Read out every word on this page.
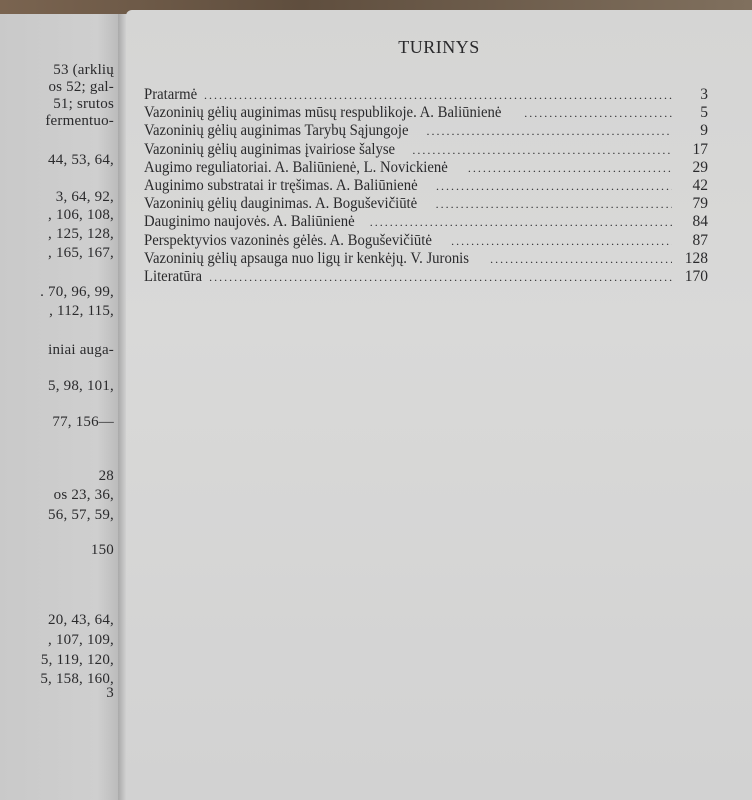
53 (arklių
os 52; gal-
51; srutos
fermentuo-
44, 53, 64,
3, 64, 92,
, 106, 108,
, 125, 128,
, 165, 167,
. 70, 96, 99,
, 112, 115,
iniai auga-
5, 98, 101,
77, 156—
28
os 23, 36,
56, 57, 59,
150
20, 43, 64,
, 107, 109,
5, 119, 120,
5, 158, 160,
3
TURINYS
Pratarmė .....	3
Vazoninių gėlių auginimas mūsų respublikoje. A. Baliūnienė .....	5
Vazoninių gėlių auginimas Tarybų Sąjungoje .....	9
Vazoninių gėlių auginimas įvairiose šalyse .....	17
Augimo reguliatoriai. A. Baliūnienė, L. Novickienė .....	29
Auginimo substratai ir tręšimas. A. Baliūnienė .....	42
Vazoninių gėlių dauginimas. A. Boguševičiūtė .....	79
Dauginimo naujovės. A. Baliūnienė .....	84
Perspektyvios vazoninės gėlės. A. Boguševičiūtė .....	87
Vazoninių gėlių apsauga nuo ligų ir kenkėjų. V. Juronis .....	128
Literatūra .....	170
